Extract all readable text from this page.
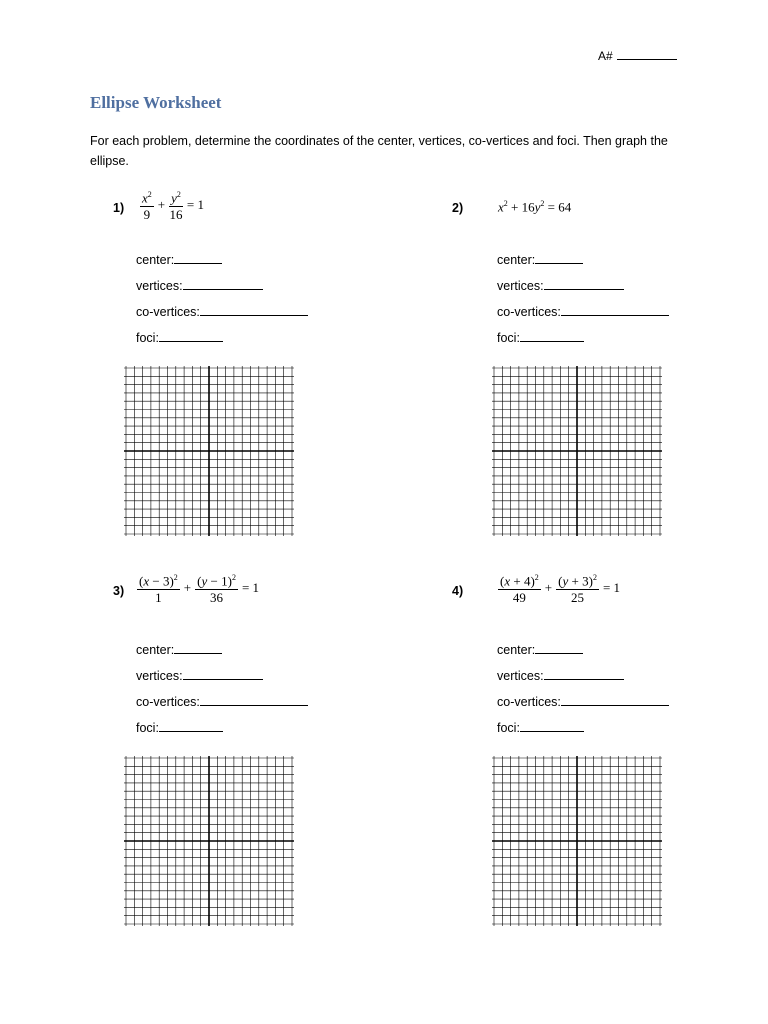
A#
Ellipse Worksheet
For each problem, determine the coordinates of the center, vertices, co-vertices and foci. Then graph the ellipse.
$1) \frac{x^2}{9} + \frac{y^2}{16} = 1$	2)	$x^2 + 16y^2 = 64$
$3) \frac{(x - 3)^2}{1} + \frac{(y - 1)^2}{36} = 1$	4)	$\frac{(x + 4)^2}{49} + \frac{(y + 3)^2}{25} = 1$
center:
vertices:
co-vertices:
foci:
center:
vertices:
co-vertices:
foci:
center:
vertices:
co-vertices:
foci:
center:
vertices:
co-vertices:
foci:
